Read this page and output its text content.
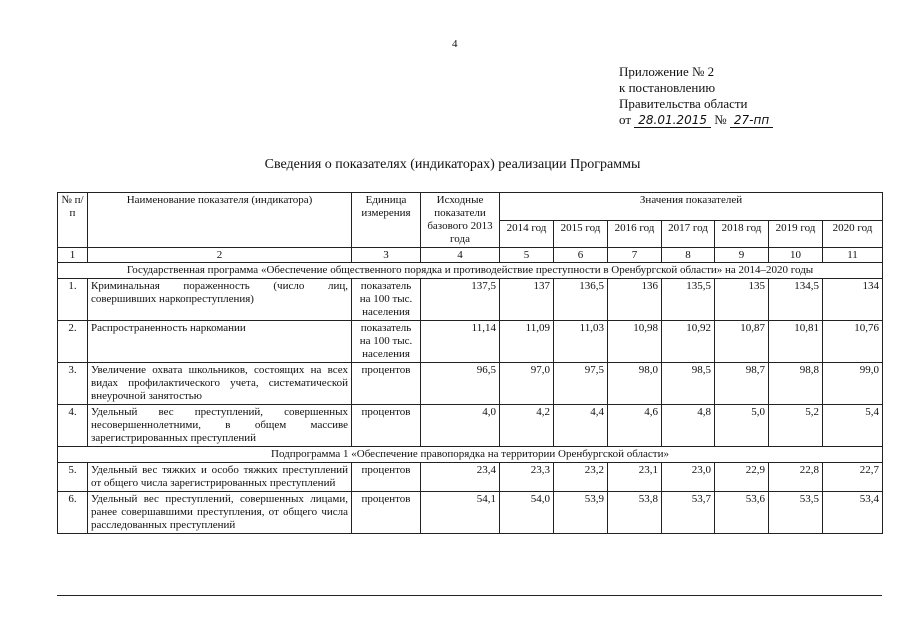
4
Приложение № 2
к постановлению
Правительства области
от 28.01.2015 № 27-пп
Сведения о показателях (индикаторах) реализации Программы
№ п/п	Наименование показателя (индикатора)	Единица измерения	Исходные показатели базового 2013 года	Значения показателей						
				2014 год	2015 год	2016 год	2017 год	2018 год	2019 год	2020 год
1	2	3	4	5	6	7	8	9	10	11
Государственная программа «Обеспечение общественного порядка и противодействие преступности в Оренбургской области» на 2014–2020 годы										
1.	Криминальная пораженность (число лиц, совершивших наркопреступления)	показатель на 100 тыс. населения	137,5	137	136,5	136	135,5	135	134,5	134
2.	Распространенность наркомании	показатель на 100 тыс. населения	11,14	11,09	11,03	10,98	10,92	10,87	10,81	10,76
3.	Увеличение охвата школьников, состоящих на всех видах профилактического учета, систематической внеурочной занятостью	процентов	96,5	97,0	97,5	98,0	98,5	98,7	98,8	99,0
4.	Удельный вес преступлений, совершенных несовершеннолетними, в общем массиве зарегистрированных преступлений	процентов	4,0	4,2	4,4	4,6	4,8	5,0	5,2	5,4
Подпрограмма 1 «Обеспечение правопорядка на территории Оренбургской области»										
5.	Удельный вес тяжких и особо тяжких преступлений от общего числа зарегистрированных преступлений	процентов	23,4	23,3	23,2	23,1	23,0	22,9	22,8	22,7
6.	Удельный вес преступлений, совершенных лицами, ранее совершавшими преступления, от общего числа расследованных преступлений	процентов	54,1	54,0	53,9	53,8	53,7	53,6	53,5	53,4
